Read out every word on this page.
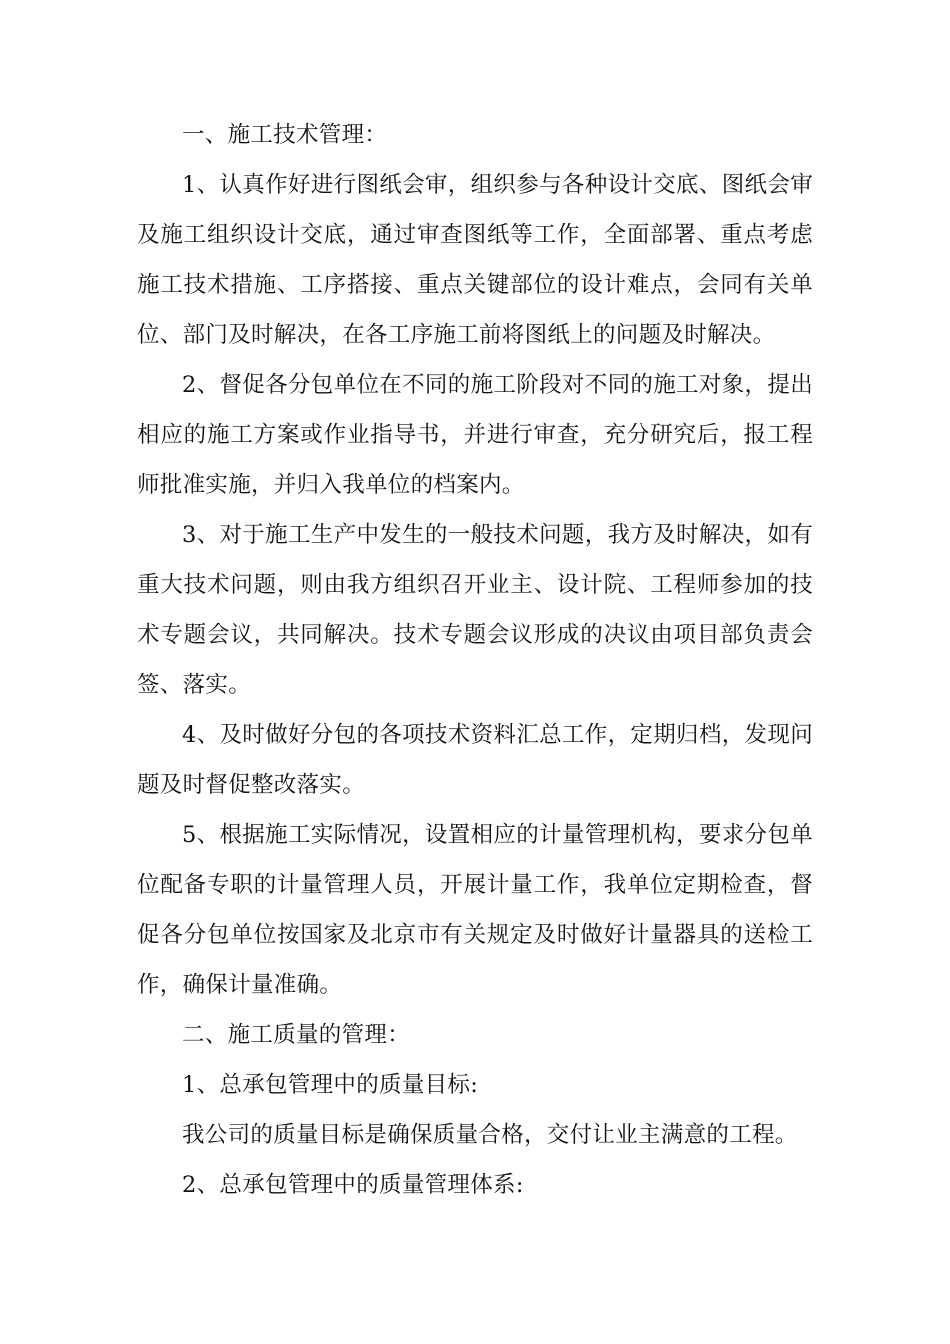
一、施工技术管理：

1、认真作好进行图纸会审，组织参与各种设计交底、图纸会审及施工组织设计交底，通过审查图纸等工作，全面部署、重点考虑施工技术措施、工序搭接、重点关键部位的设计难点，会同有关单位、部门及时解决，在各工序施工前将图纸上的问题及时解决。

2、督促各分包单位在不同的施工阶段对不同的施工对象，提出相应的施工方案或作业指导书，并进行审查，充分研究后，报工程师批准实施，并归入我单位的档案内。

3、对于施工生产中发生的一般技术问题，我方及时解决，如有重大技术问题，则由我方组织召开业主、设计院、工程师参加的技术专题会议，共同解决。技术专题会议形成的决议由项目部负责会签、落实。

4、及时做好分包的各项技术资料汇总工作，定期归档，发现问题及时督促整改落实。

5、根据施工实际情况，设置相应的计量管理机构，要求分包单位配备专职的计量管理人员，开展计量工作，我单位定期检查，督促各分包单位按国家及北京市有关规定及时做好计量器具的送检工作，确保计量准确。

二、施工质量的管理：

1、总承包管理中的质量目标:

我公司的质量目标是确保质量合格，交付让业主满意的工程。

2、总承包管理中的质量管理体系:
